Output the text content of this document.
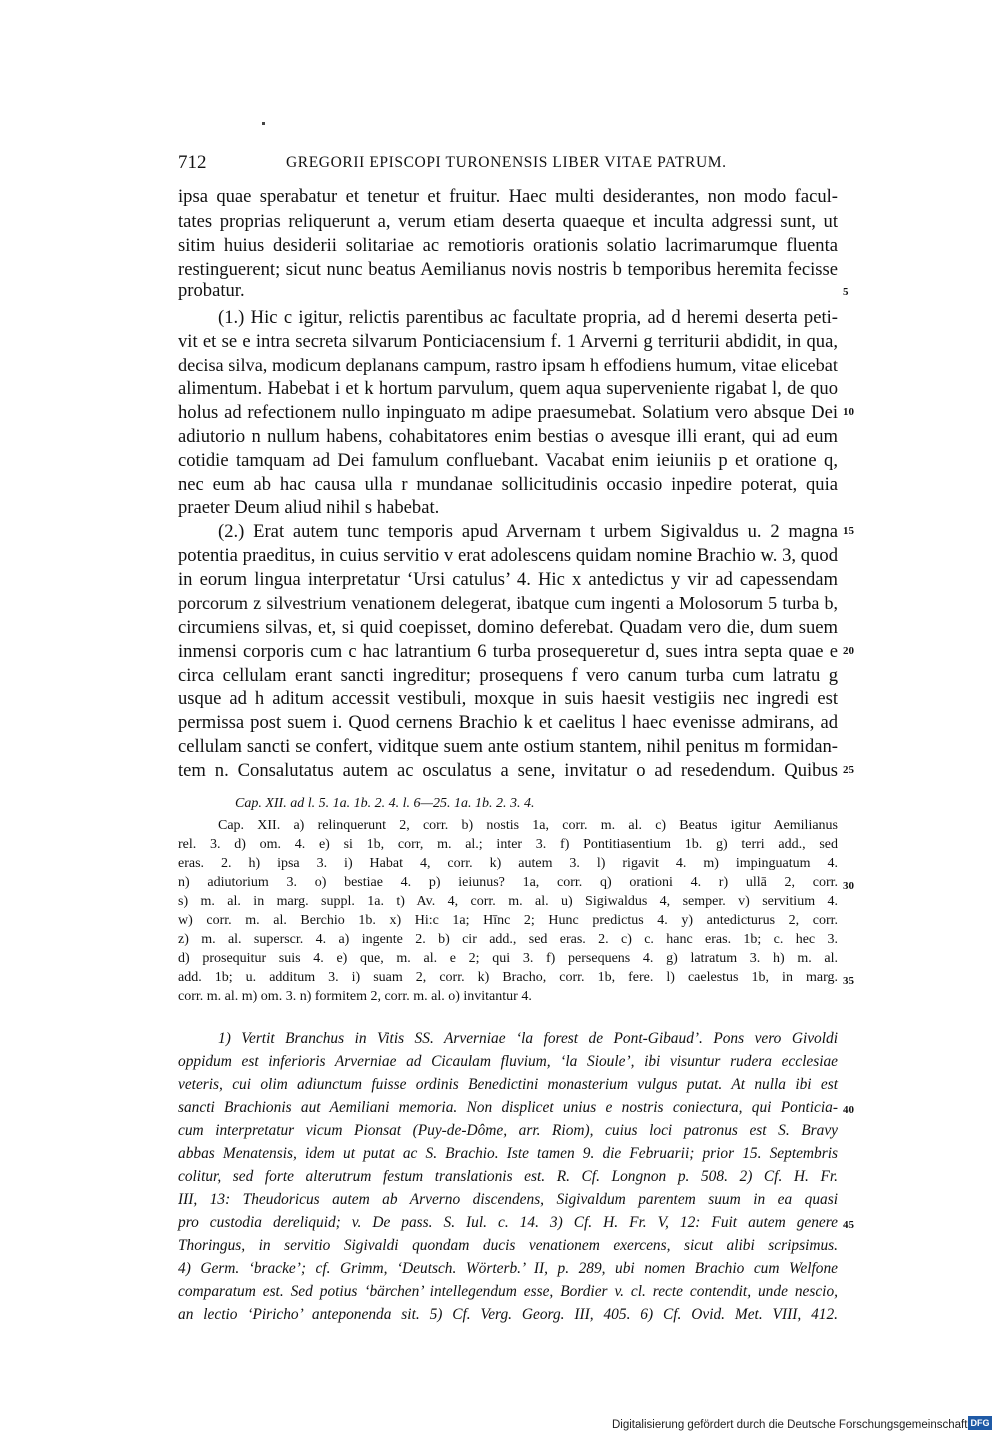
712	GREGORII EPISCOPI TURONENSIS LIBER VITAE PATRUM.
ipsa quae sperabatur et tenetur et fruitur. Haec multi desiderantes, non modo facul-
tates proprias reliquerunt a, verum etiam deserta quaeque et inculta adgressi sunt, ut
sitim huius desiderii solitariae ac remotioris orationis solatio lacrimarumque fluenta
restinguerent; sicut nunc beatus Aemilianus novis nostris b temporibus heremita fecisse
probatur.
(1.) Hic c igitur, relictis parentibus ac facultate propria, ad d heremi deserta peti-
vit et se e intra secreta silvarum Ponticiacensium f. 1 Arverni g territurii abdidit, in qua,
decisa silva, modicum deplanans campum, rastro ipsam h effodiens humum, vitae elicebat
alimentum. Habebat i et k hortum parvulum, quem aqua superveniente rigabat l, de quo
holus ad refectionem nullo inpinguato m adipe praesumebat. Solatium vero absque Dei
adiutorio n nullum habens, cohabitatores enim bestias o avesque illi erant, qui ad eum
cotidie tamquam ad Dei famulum confluebant. Vacabat enim ieiuniis p et oratione q,
nec eum ab hac causa ulla r mundanae sollicitudinis occasio inpedire poterat, quia
praeter Deum aliud nihil s habebat.
(2.) Erat autem tunc temporis apud Arvernam t urbem Sigivaldus u. 2 magna
potentia praeditus, in cuius servitio v erat adolescens quidam nomine Brachio w. 3, quod
in eorum lingua interpretatur ‘Ursi catulus’ 4. Hic x antedictus y vir ad capessendam
porcorum z silvestrium venationem delegerat, ibatque cum ingenti a Molosorum 5 turba b,
circumiens silvas, et, si quid coepisset, domino deferebat. Quadam vero die, dum suem
inmensi corporis cum c hac latrantium 6 turba prosequeretur d, sues intra septa quae e
circa cellulam erant sancti ingreditur; prosequens f vero canum turba cum latratu g
usque ad h aditum accessit vestibuli, moxque in suis haesit vestigiis nec ingredi est
permissa post suem i. Quod cernens Brachio k et caelitus l haec evenisse admirans, ad
cellulam sancti se confert, viditque suem ante ostium stantem, nihil penitus m formidan-
tem n. Consalutatus autem ac osculatus a sene, invitatur o ad resedendum. Quibus
5
10
15
20
25
Cap. XII. ad l. 5. 1a. 1b. 2. 4. l. 6—25. 1a. 1b. 2. 3. 4.
Cap. XII. a) relinquerunt 2, corr. b) nostis 1a, corr. m. al. c) Beatus igitur Aemilianus
rel. 3. d) om. 4. e) si 1b, corr, m. al.; inter 3. f) Pontitiasentium 1b. g) terri add., sed
eras. 2. h) ipsa 3. i) Habat 4, corr. k) autem 3. l) rigavit 4. m) impinguatum 4.
n) adiutorium 3. o) bestiae 4. p) ieiunus? 1a, corr. q) orationi 4. r) ullā 2, corr.
s) m. al. in marg. suppl. 1a. t) Av. 4, corr. m. al. u) Sigiwaldus 4, semper. v) servitium 4.
w) corr. m. al. Berchio 1b. x) Hi:c 1a; Hīnc 2; Hunc predictus 4. y) antedicturus 2, corr.
z) m. al. superscr. 4. a) ingente 2. b) cir add., sed eras. 2. c) c. hanc eras. 1b; c. hec 3.
d) prosequitur suis 4. e) que, m. al. e 2; qui 3. f) persequens 4. g) latratum 3. h) m. al.
add. 1b; u. additum 3. i) suam 2, corr. k) Bracho, corr. 1b, fere. l) caelestus 1b, in marg.
corr. m. al. m) om. 3. n) formitem 2, corr. m. al. o) invitantur 4.
30
35
1) Vertit Branchus in Vitis SS. Arverniae ‘la forest de Pont-Gibaud’. Pons vero Givoldi
oppidum est inferioris Arverniae ad Cicaulam fluvium, ‘la Sioule’, ibi visuntur rudera ecclesiae
veteris, cui olim adiunctum fuisse ordinis Benedictini monasterium vulgus putat. At nulla ibi est
sancti Brachionis aut Aemiliani memoria. Non displicet unius e nostris coniectura, qui Ponticia-
cum interpretatur vicum Pionsat (Puy-de-Dôme, arr. Riom), cuius loci patronus est S. Bravy
abbas Menatensis, idem ut putat ac S. Brachio. Iste tamen 9. die Februarii; prior 15. Septembris
colitur, sed forte alterutrum festum translationis est. R. Cf. Longnon p. 508. 2) Cf. H. Fr.
III, 13: Theudoricus autem ab Arverno discendens, Sigivaldum parentem suum in ea quasi
pro custodia dereliquid; v. De pass. S. Iul. c. 14. 3) Cf. H. Fr. V, 12: Fuit autem genere
Thoringus, in servitio Sigivaldi quondam ducis venationem exercens, sicut alibi scripsimus.
4) Germ. ‘bracke’; cf. Grimm, ‘Deutsch. Wörterb.’ II, p. 289, ubi nomen Brachio cum Welfone
comparatum est. Sed potius ‘bärchen’ intellegendum esse, Bordier v. cl. recte contendit, unde nescio,
an lectio ‘Piricho’ anteponenda sit. 5) Cf. Verg. Georg. III, 405. 6) Cf. Ovid. Met. VIII, 412.
40
45
Digitalisierung gefördert durch die Deutsche Forschungsgemeinschaft DFG
